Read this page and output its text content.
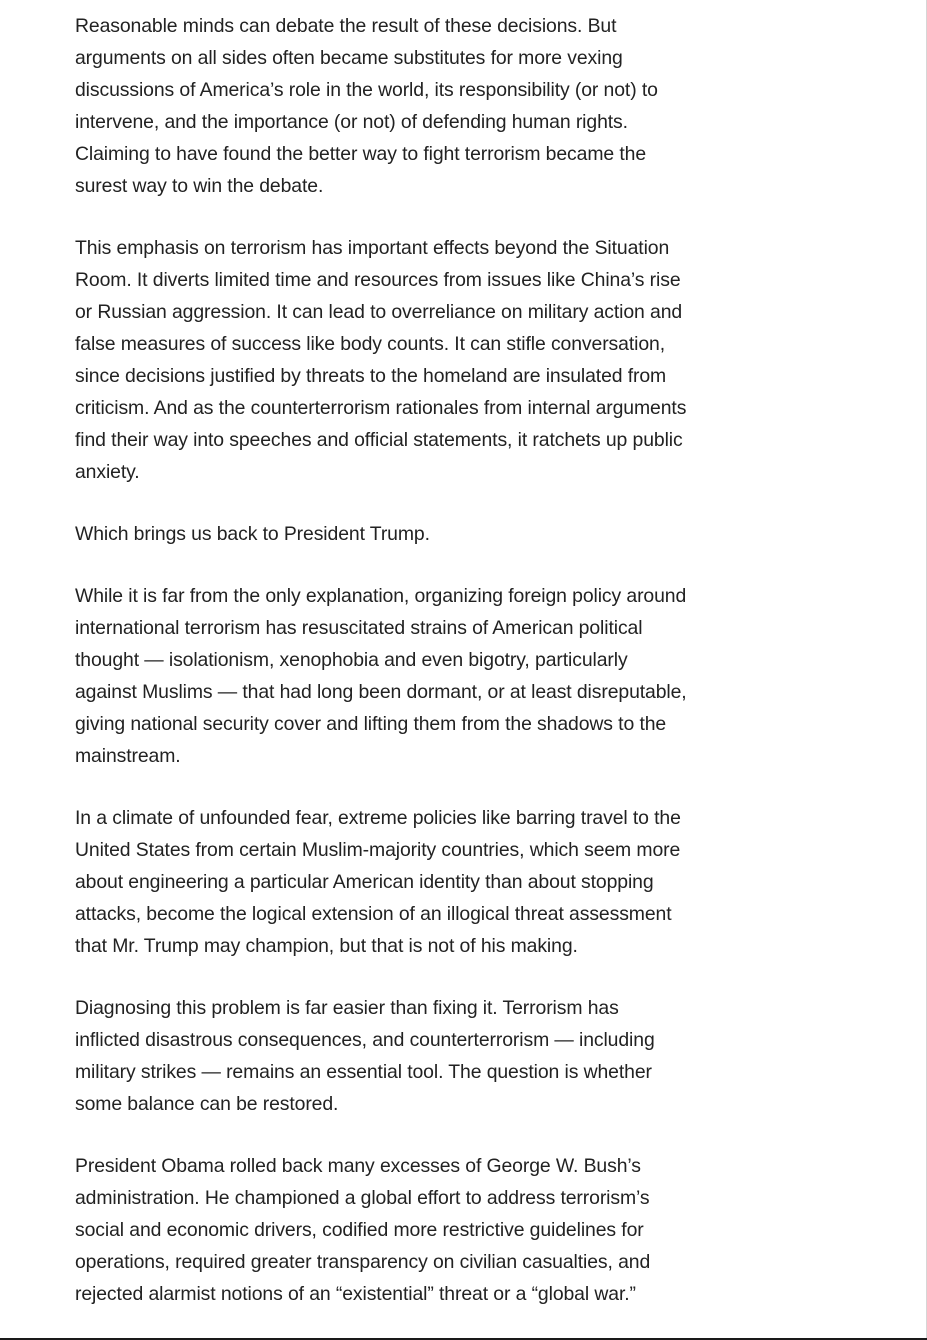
Reasonable minds can debate the result of these decisions. But arguments on all sides often became substitutes for more vexing discussions of America’s role in the world, its responsibility (or not) to intervene, and the importance (or not) of defending human rights. Claiming to have found the better way to fight terrorism became the surest way to win the debate.

This emphasis on terrorism has important effects beyond the Situation Room. It diverts limited time and resources from issues like China’s rise or Russian aggression. It can lead to overreliance on military action and false measures of success like body counts. It can stifle conversation, since decisions justified by threats to the homeland are insulated from criticism. And as the counterterrorism rationales from internal arguments find their way into speeches and official statements, it ratchets up public anxiety.

Which brings us back to President Trump.

While it is far from the only explanation, organizing foreign policy around international terrorism has resuscitated strains of American political thought — isolationism, xenophobia and even bigotry, particularly against Muslims — that had long been dormant, or at least disreputable, giving national security cover and lifting them from the shadows to the mainstream.

In a climate of unfounded fear, extreme policies like barring travel to the United States from certain Muslim-majority countries, which seem more about engineering a particular American identity than about stopping attacks, become the logical extension of an illogical threat assessment that Mr. Trump may champion, but that is not of his making.

Diagnosing this problem is far easier than fixing it. Terrorism has inflicted disastrous consequences, and counterterrorism — including military strikes — remains an essential tool. The question is whether some balance can be restored.

President Obama rolled back many excesses of George W. Bush’s administration. He championed a global effort to address terrorism’s social and economic drivers, codified more restrictive guidelines for operations, required greater transparency on civilian casualties, and rejected alarmist notions of an “existential” threat or a “global war.”
